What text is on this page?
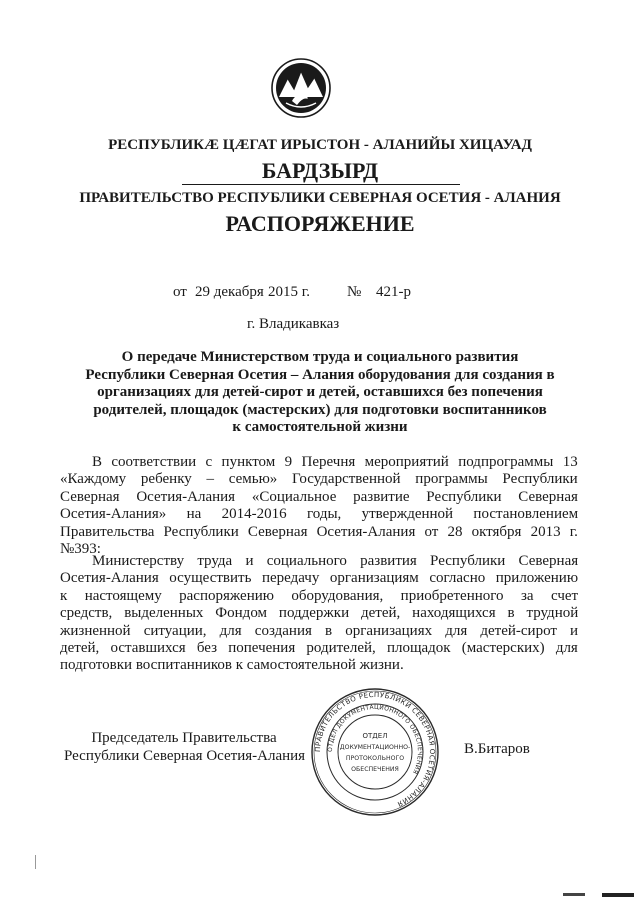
РЕСПУБЛИКӔ ЦӔГАТ ИРЫСТОН - АЛАНИЙЫ ХИЦАУАД
БАРДЗЫРД
ПРАВИТЕЛЬСТВО РЕСПУБЛИКИ СЕВЕРНАЯ ОСЕТИЯ - АЛАНИЯ
РАСПОРЯЖЕНИЕ
от 29 декабря 2015 г. № 421-р
г. Владикавказ
О передаче Министерством труда и социального развития
Республики Северная Осетия – Алания оборудования для создания в
организациях для детей-сирот и детей, оставшихся без попечения
родителей, площадок (мастерских) для подготовки воспитанников
к самостоятельной жизни
В соответствии с пунктом 9 Перечня мероприятий подпрограммы 13
«Каждому ребенку – семью» Государственной программы Республики
Северная Осетия-Алания «Социальное развитие Республики Северная
Осетия-Алания» на 2014-2016 годы, утвержденной постановлением
Правительства Республики Северная Осетия-Алания от 28 октября 2013 г.
№393:
Министерству труда и социального развития Республики Северная
Осетия-Алания осуществить передачу организациям согласно приложению
к настоящему распоряжению оборудования, приобретенного за счет
средств, выделенных Фондом поддержки детей, находящихся в трудной
жизненной ситуации, для создания в организациях для детей-сирот и
детей, оставшихся без попечения родителей, площадок (мастерских) для
подготовки воспитанников к самостоятельной жизни.
Председатель Правительства
Республики Северная Осетия-Алания ПРАВИТЕЛЬСТВО РЕСПУБЛИКИ СЕВЕРНАЯ ОСЕТИЯ-АЛАНИЯ
ОТДЕЛ ДОКУМЕНТАЦИОННОГО ОБЕСПЕЧЕНИЯ
ОТДЕЛ
ДОКУМЕНТАЦИОННО-
ПРОТОКОЛЬНОГО
ОБЕСПЕЧЕНИЯ
В.Битаров
